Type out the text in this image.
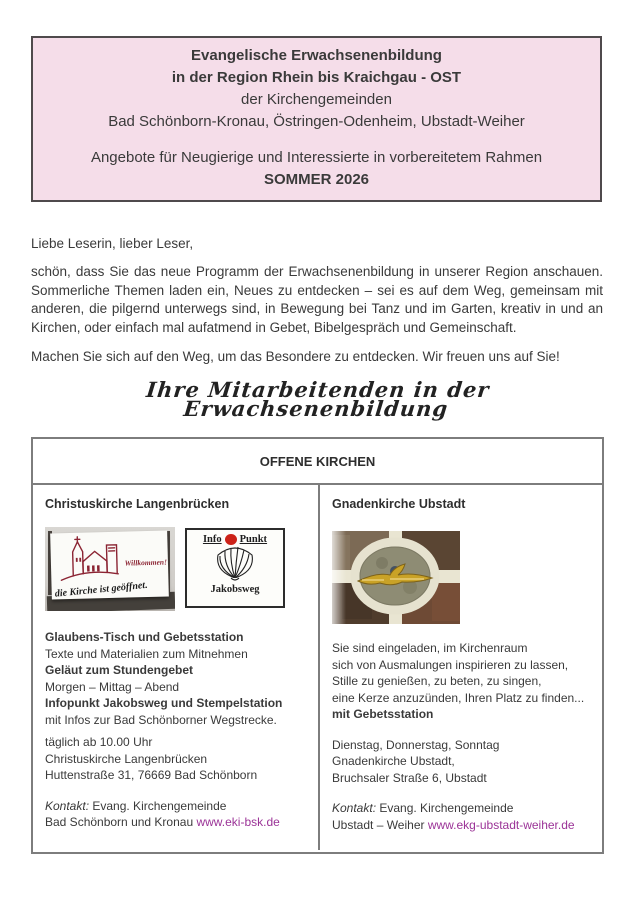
Evangelische Erwachsenenbildung
in der Region Rhein bis Kraichgau - OST
der Kirchengemeinden
Bad Schönborn-Kronau, Östringen-Odenheim, Ubstadt-Weiher
Angebote für Neugierige und Interessierte in vorbereitetem Rahmen
SOMMER 2026
Liebe Leserin, lieber Leser,
schön, dass Sie das neue Programm der Erwachsenenbildung in unserer Region anschauen. Sommerliche Themen laden ein, Neues zu entdecken – sei es auf dem Weg, gemeinsam mit anderen, die pilgernd unterwegs sind, in Bewegung bei Tanz und im Garten, kreativ in und an Kirchen, oder einfach mal aufatmend in Gebet, Bibelgespräch und Gemeinschaft.
Machen Sie sich auf den Weg, um das Besondere zu entdecken. Wir freuen uns auf Sie!
Ihre Mitarbeitenden in der Erwachsenenbildung
OFFENE KIRCHEN
Christuskirche Langenbrücken
Willkommen!
die Kirche ist geöffnet.
Info Punkt
Jakobsweg
Glaubens-Tisch und Gebetsstation
Texte und Materialien zum Mitnehmen
Geläut zum Stundengebet
Morgen – Mittag – Abend
Infopunkt Jakobsweg und Stempelstation
mit Infos zur Bad Schönborner Wegstrecke.
täglich ab 10.00 Uhr
Christuskirche Langenbrücken
Huttenstraße 31, 76669 Bad Schönborn
Kontakt: Evang. Kirchengemeinde
Bad Schönborn und Kronau www.eki-bsk.de
Gnadenkirche Ubstadt
Sie sind eingeladen, im Kirchenraum
sich von Ausmalungen inspirieren zu lassen,
Stille zu genießen, zu beten, zu singen,
eine Kerze anzuzünden, Ihren Platz zu finden...
mit Gebetsstation
Dienstag, Donnerstag, Sonntag
Gnadenkirche Ubstadt,
Bruchsaler Straße 6, Ubstadt
Kontakt: Evang. Kirchengemeinde
Ubstadt – Weiher www.ekg-ubstadt-weiher.de
